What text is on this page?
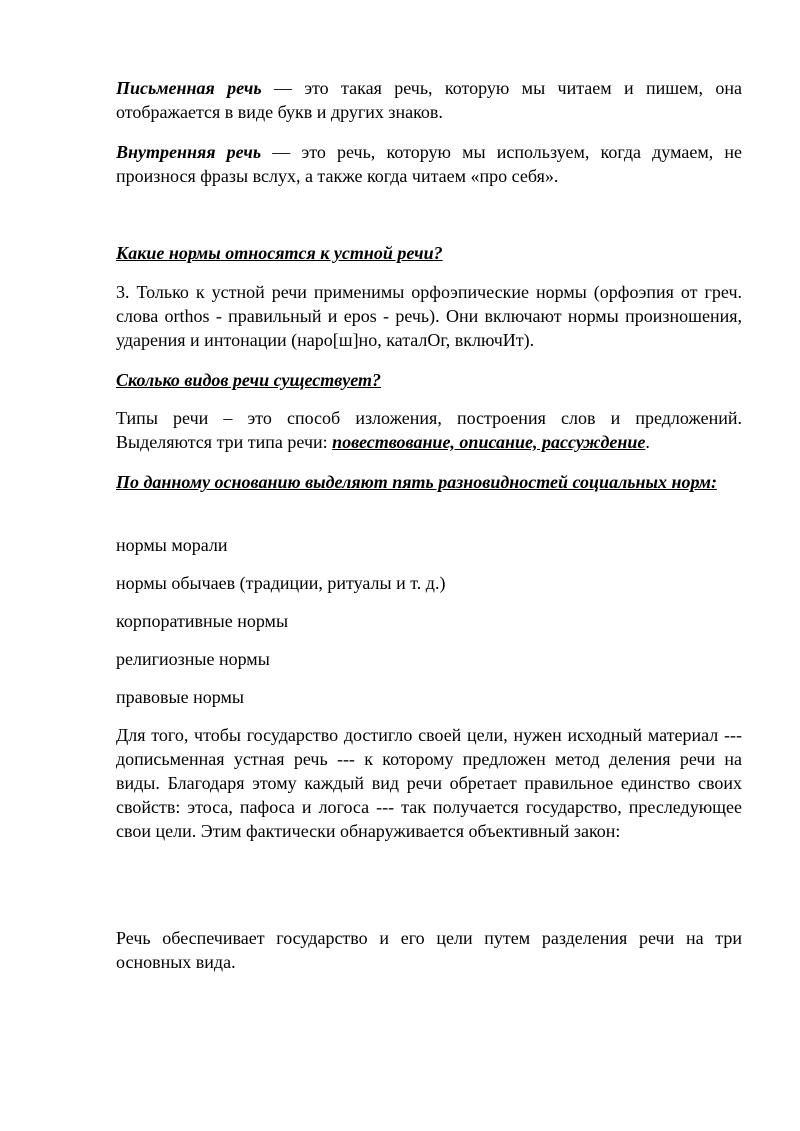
Письменная речь — это такая речь, которую мы читаем и пишем, она отображается в виде букв и других знаков.

Внутренняя речь — это речь, которую мы используем, когда думаем, не произнося фразы вслух, а также когда читаем «про себя».

Какие нормы относятся к устной речи?

3. Только к устной речи применимы орфоэпические нормы (орфоэпия от греч. слова orthos - правильный и epos - речь). Они включают нормы произношения, ударения и интонации (наро[ш]но, каталОг, включИт).

Сколько видов речи существует?

Типы речи – это способ изложения, построения слов и предложений. Выделяются три типа речи: повествование, описание, рассуждение.

По данному основанию выделяют пять разновидностей социальных норм:

нормы морали

нормы обычаев (традиции, ритуалы и т. д.)

корпоративные нормы

религиозные нормы

правовые нормы

Для того, чтобы государство достигло своей цели, нужен исходный материал --- дописьменная устная речь --- к которому предложен метод деления речи на виды. Благодаря этому каждый вид речи обретает правильное единство своих свойств: этоса, пафоса и логоса --- так получается государство, преследующее свои цели. Этим фактически обнаруживается объективный закон:

Речь обеспечивает государство и его цели путем разделения речи на три основных вида.
